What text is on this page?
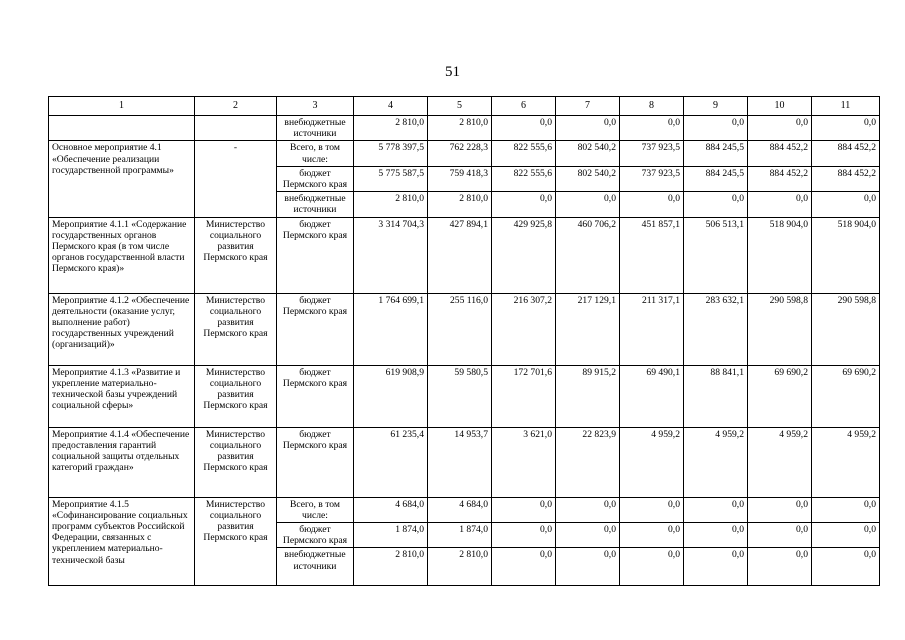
51
1	2	3	4	5	6	7	8	9	10	11
		внебюджетные источники	2 810,0	2 810,0	0,0	0,0	0,0	0,0	0,0	0,0
Основное мероприятие 4.1 «Обеспечение реализации государственной программы»	-	Всего, в том числе:	5 778 397,5	762 228,3	822 555,6	802 540,2	737 923,5	884 245,5	884 452,2	884 452,2
		бюджет Пермского края	5 775 587,5	759 418,3	822 555,6	802 540,2	737 923,5	884 245,5	884 452,2	884 452,2
		внебюджетные источники	2 810,0	2 810,0	0,0	0,0	0,0	0,0	0,0	0,0
Мероприятие 4.1.1 «Содержание государственных органов Пермского края (в том числе органов государственной власти Пермского края)»	Министерство социального развития Пермского края	бюджет Пермского края	3 314 704,3	427 894,1	429 925,8	460 706,2	451 857,1	506 513,1	518 904,0	518 904,0
Мероприятие 4.1.2 «Обеспечение деятельности (оказание услуг, выполнение работ) государственных учреждений (организаций)»	Министерство социального развития Пермского края	бюджет Пермского края	1 764 699,1	255 116,0	216 307,2	217 129,1	211 317,1	283 632,1	290 598,8	290 598,8
Мероприятие 4.1.3 «Развитие и укрепление материально-технической базы учреждений социальной сферы»	Министерство социального развития Пермского края	бюджет Пермского края	619 908,9	59 580,5	172 701,6	89 915,2	69 490,1	88 841,1	69 690,2	69 690,2
Мероприятие 4.1.4 «Обеспечение предоставления гарантий социальной защиты отдельных категорий граждан»	Министерство социального развития Пермского края	бюджет Пермского края	61 235,4	14 953,7	3 621,0	22 823,9	4 959,2	4 959,2	4 959,2	4 959,2
Мероприятие 4.1.5 «Софинансирование социальных программ субъектов Российской Федерации, связанных с укреплением материально-технической базы	Министерство социального развития Пермского края	Всего, в том числе:	4 684,0	4 684,0	0,0	0,0	0,0	0,0	0,0	0,0
		бюджет Пермского края	1 874,0	1 874,0	0,0	0,0	0,0	0,0	0,0	0,0
		внебюджетные источники	2 810,0	2 810,0	0,0	0,0	0,0	0,0	0,0	0,0
